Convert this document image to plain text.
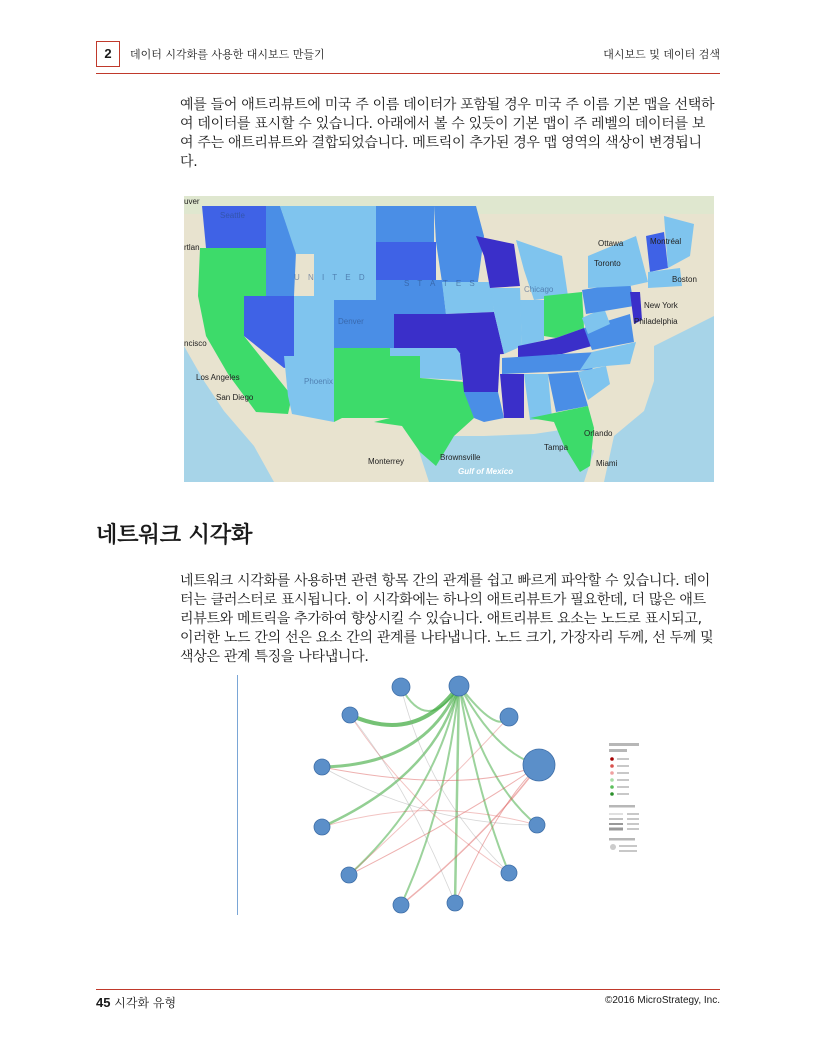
2	데이터 시각화를 사용한 대시보드 만들기	대시보드 및 데이터 검색

예를 들어 애트리뷰트에 미국 주 이름 데이터가 포함될 경우 미국 주 이름 기본 맵을 선택하여 데이터를 표시할 수 있습니다. 아래에서 볼 수 있듯이 기본 맵이 주 레벨의 데이터를 보여 주는 애트리뷰트와 결합되었습니다. 메트릭이 추가된 경우 맵 영역의 색상이 변경됩니다.

U N I T E D
S T A T E S
uver
Seattle
rtlan	Ottawa	Montréal
Toronto
Boston
New York
Philadelphia
Chicago
ncisco
Denver
Los Angeles
San Diego
Phoenix
Orlando
Tampa
Miami
Brownsville
Monterrey
Gulf of Mexico
네트워크 시각화

네트워크 시각화를 사용하면 관련 항목 간의 관계를 쉽고 빠르게 파악할 수 있습니다. 데이터는 클러스터로 표시됩니다. 이 시각화에는 하나의 애트리뷰트가 필요한데, 더 많은 애트리뷰트와 메트릭을 추가하여 향상시킬 수 있습니다. 애트리뷰트 요소는 노드로 표시되고, 이러한 노드 간의 선은 요소 간의 관계를 나타냅니다. 노드 크기, 가장자리 두께, 선 두께 및 색상은 관계 특징을 나타냅니다.

45 시각화 유형	©2016 MicroStrategy, Inc.
